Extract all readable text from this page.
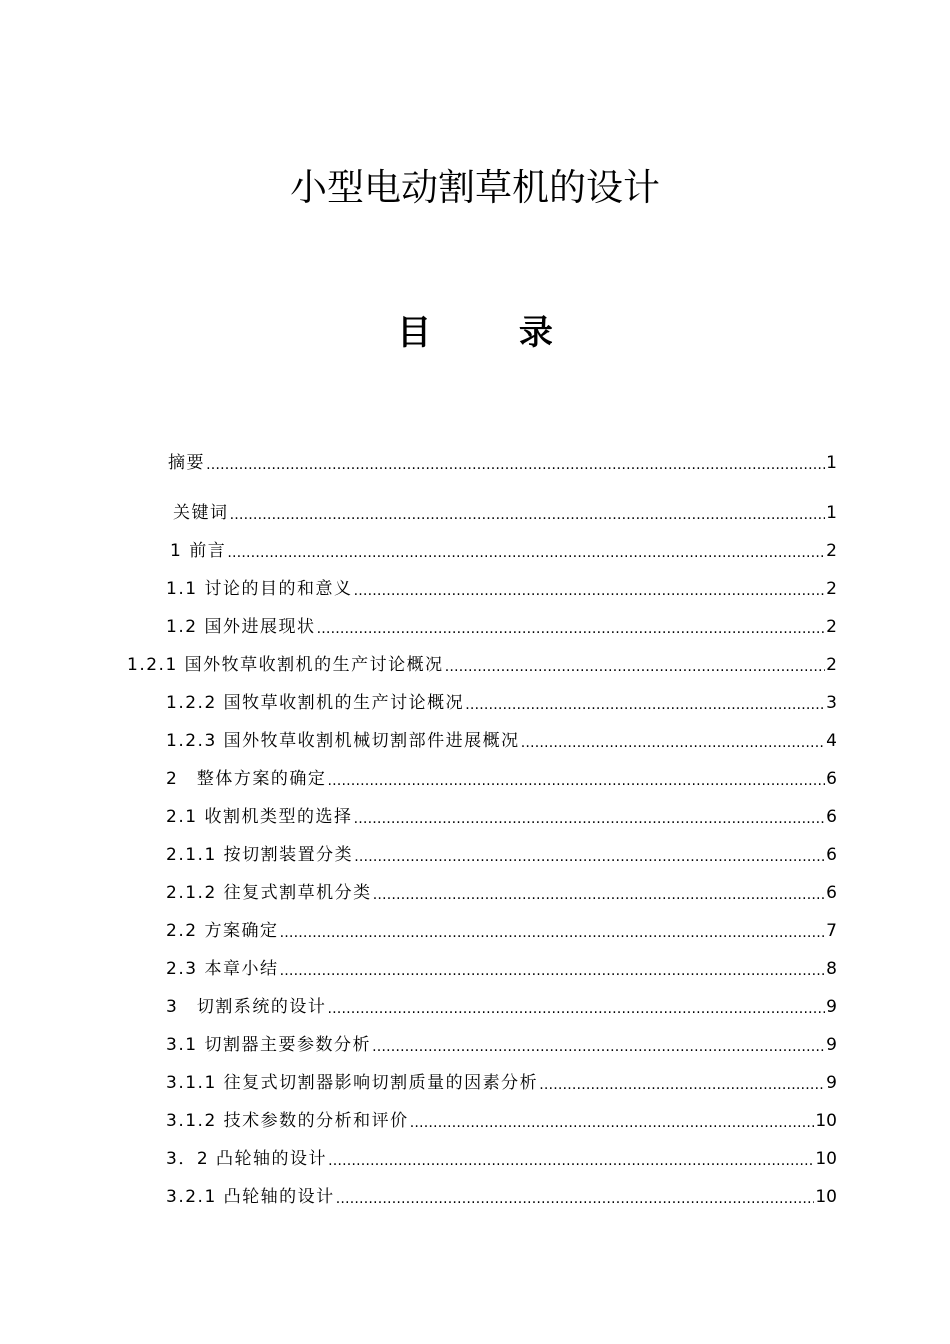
小型电动割草机的设计
目 录
摘要 …………………………………………………………………………………………………………………………………………………………………………………………………………………………	1
关键词 …………………………………………………………………………………………………………………………………………………………………………………………………………………………	1
1 前言 …………………………………………………………………………………………………………………………………………………………………………………………………………………………	2
1.1 讨论的目的和意义 …………………………………………………………………………………………………………………………………………………………………………………………………………………………	2
1.2 国外进展现状 …………………………………………………………………………………………………………………………………………………………………………………………………………………………	2
1.2.1 国外牧草收割机的生产讨论概况 …………………………………………………………………………………………………………………………………………………………………………………………………………………………	2
1.2.2 国牧草收割机的生产讨论概况 …………………………………………………………………………………………………………………………………………………………………………………………………………………………	3
1.2.3 国外牧草收割机械切割部件进展概况 …………………………………………………………………………………………………………………………………………………………………………………………………………………………	4
2　整体方案的确定 …………………………………………………………………………………………………………………………………………………………………………………………………………………………	6
2.1 收割机类型的选择 …………………………………………………………………………………………………………………………………………………………………………………………………………………………	6
2.1.1 按切割装置分类 …………………………………………………………………………………………………………………………………………………………………………………………………………………………	6
2.1.2 往复式割草机分类 …………………………………………………………………………………………………………………………………………………………………………………………………………………………	6
2.2 方案确定 …………………………………………………………………………………………………………………………………………………………………………………………………………………………	7
2.3 本章小结 …………………………………………………………………………………………………………………………………………………………………………………………………………………………	8
3　切割系统的设计 …………………………………………………………………………………………………………………………………………………………………………………………………………………………	9
3.1 切割器主要参数分析 …………………………………………………………………………………………………………………………………………………………………………………………………………………………	9
3.1.1 往复式切割器影响切割质量的因素分析 …………………………………………………………………………………………………………………………………………………………………………………………………………………………	9
3.1.2 技术参数的分析和评价 …………………………………………………………………………………………………………………………………………………………………………………………………………………………	10
3．2 凸轮轴的设计 …………………………………………………………………………………………………………………………………………………………………………………………………………………………	10
3.2.1 凸轮轴的设计 …………………………………………………………………………………………………………………………………………………………………………………………………………………………	10
